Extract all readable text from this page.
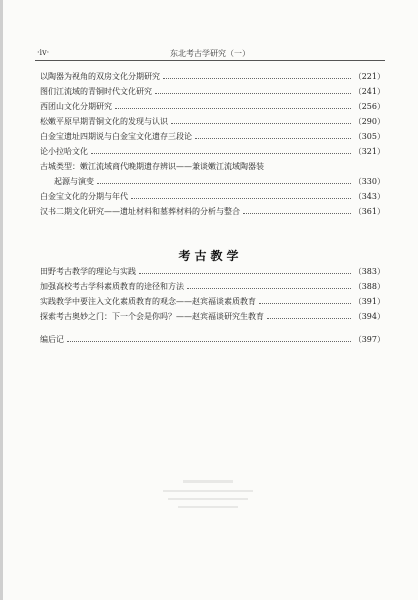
·iv·	东北考古学研究（一）
以陶器为视角的双房文化分期研究	（221）
图们江流域的青铜时代文化研究	（241）
西团山文化分期研究	（256）
松嫩平原早期青铜文化的发现与认识	（290）
白金宝遗址四期说与白金宝文化遗存三段论	（305）
论小拉哈文化	（321）
古城类型：嫩江流域商代晚期遗存辨识——兼谈嫩江流域陶器装
起源与演变	（330）
白金宝文化的分期与年代	（343）
汉书二期文化研究——遗址材料和墓葬材料的分析与整合	（361）
考古教学
田野考古教学的理论与实践	（383）
加强高校考古学科素质教育的途径和方法	（388）
实践教学中要注入文化素质教育的观念——赵宾福谈素质教育	（391）
探索考古奥妙之门：下一个会是你吗？——赵宾福谈研究生教育	（394）
编后记	（397）
